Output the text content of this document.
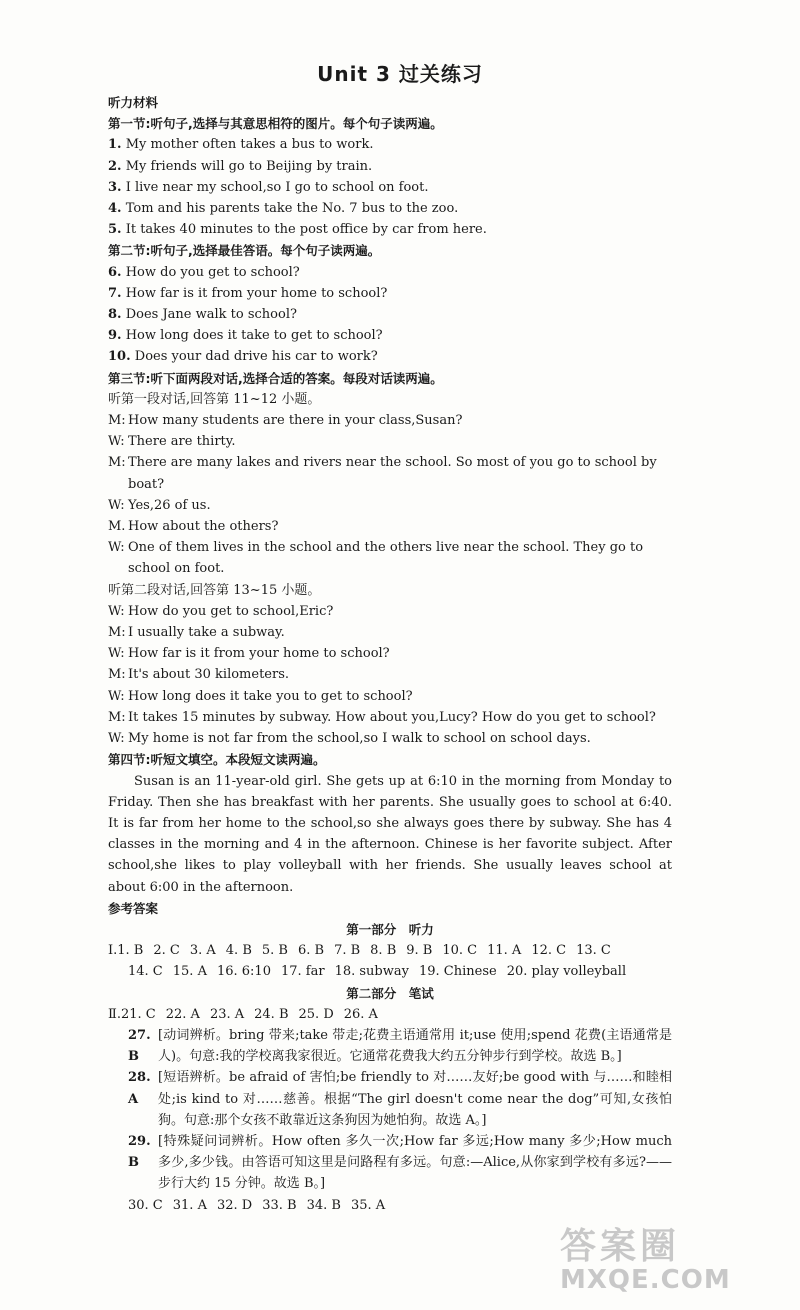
Unit 3 过关练习
听力材料
第一节:听句子,选择与其意思相符的图片。每个句子读两遍。
1. My mother often takes a bus to work.
2. My friends will go to Beijing by train.
3. I live near my school,so I go to school on foot.
4. Tom and his parents take the No. 7 bus to the zoo.
5. It takes 40 minutes to the post office by car from here.
第二节:听句子,选择最佳答语。每个句子读两遍。
6. How do you get to school?
7. How far is it from your home to school?
8. Does Jane walk to school?
9. How long does it take to get to school?
10. Does your dad drive his car to work?
第三节:听下面两段对话,选择合适的答案。每段对话读两遍。
听第一段对话,回答第 11~12 小题。
M: How many students are there in your class,Susan?
W: There are thirty.
M: There are many lakes and rivers near the school. So most of you go to school by boat?
W: Yes,26 of us.
M. How about the others?
W: One of them lives in the school and the others live near the school. They go to school on foot.
听第二段对话,回答第 13~15 小题。
W: How do you get to school,Eric?
M: I usually take a subway.
W: How far is it from your home to school?
M: It's about 30 kilometers.
W: How long does it take you to get to school?
M: It takes 15 minutes by subway. How about you,Lucy? How do you get to school?
W: My home is not far from the school,so I walk to school on school days.
第四节:听短文填空。本段短文读两遍。
Susan is an 11-year-old girl. She gets up at 6:10 in the morning from Monday to Friday. Then she has breakfast with her parents. She usually goes to school at 6:40. It is far from her home to the school,so she always goes there by subway. She has 4 classes in the morning and 4 in the afternoon. Chinese is her favorite subject. After school,she likes to play volleyball with her friends. She usually leaves school at about 6:00 in the afternoon.
参考答案
第一部分　听力
Ⅰ.1. B 2. C 3. A 4. B 5. B 6. B 7. B 8. B 9. B 10. C 11. A 12. C 13. C
14. C 15. A 16. 6:10 17. far 18. subway 19. Chinese 20. play volleyball
第二部分　笔试
Ⅱ.21. C 22. A 23. A 24. B 25. D 26. A
27. B
[动词辨析。bring 带来;take 带走;花费主语通常用 it;use 使用;spend 花费(主语通常是人)。句意:我的学校离我家很近。它通常花费我大约五分钟步行到学校。故选 B。]
28. A
[短语辨析。be afraid of 害怕;be friendly to 对……友好;be good with 与……和睦相处;is kind to 对……慈善。根据“The girl doesn't come near the dog”可知,女孩怕狗。句意:那个女孩不敢靠近这条狗因为她怕狗。故选 A。]
29. B
[特殊疑问词辨析。How often 多久一次;How far 多远;How many 多少;How much 多少,多少钱。由答语可知这里是问路程有多远。句意:—Alice,从你家到学校有多远?——步行大约 15 分钟。故选 B。]
30. C 31. A 32. D 33. B 34. B 35. A
答案圈
MXQE.COM
